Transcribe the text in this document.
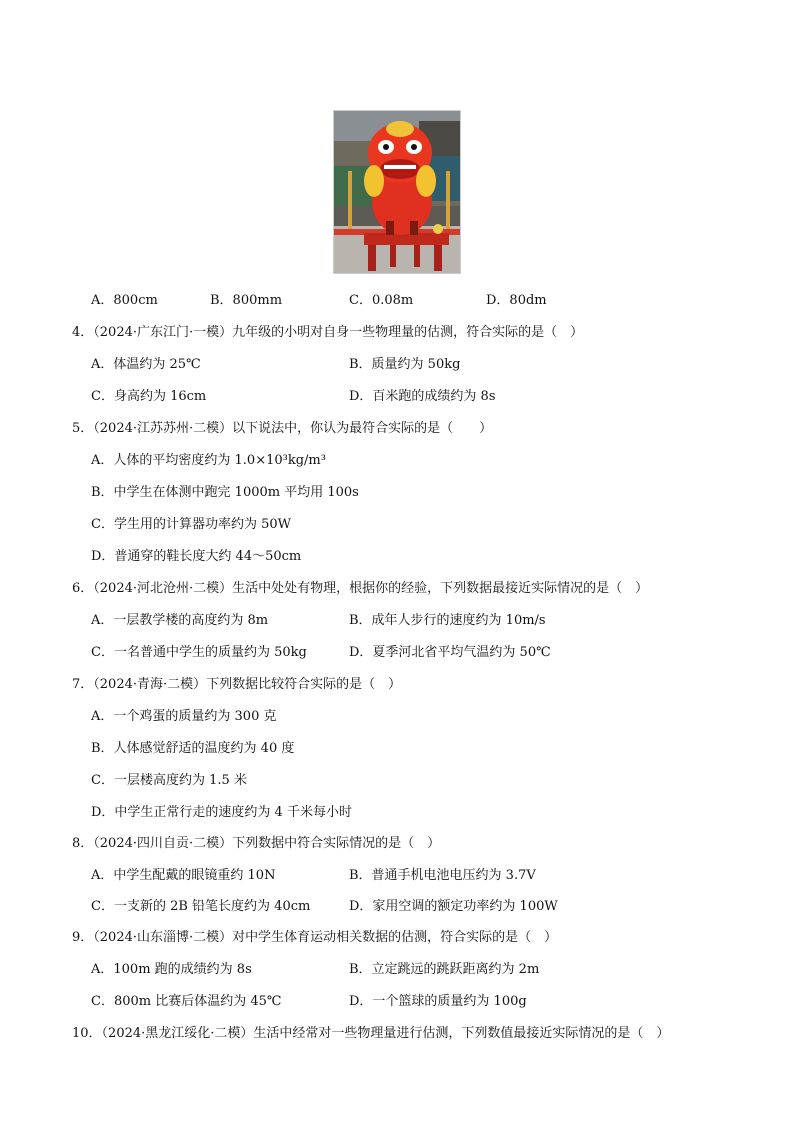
A．800cm	B．800mm	C．0.08m	D．80dm
4．（2024·广东江门·一模）九年级的小明对自身一些物理量的估测，符合实际的是（　）
A．体温约为 25℃	B．质量约为 50kg
C．身高约为 16cm	D．百米跑的成绩约为 8s
5．（2024·江苏苏州·二模）以下说法中，你认为最符合实际的是（　　）
A．人体的平均密度约为 1.0×10³kg/m³
B．中学生在体测中跑完 1000m 平均用 100s
C．学生用的计算器功率约为 50W
D．普通穿的鞋长度大约 44～50cm
6．（2024·河北沧州·二模）生活中处处有物理，根据你的经验，下列数据最接近实际情况的是（　）
A．一层教学楼的高度约为 8m	B．成年人步行的速度约为 10m/s
C．一名普通中学生的质量约为 50kg	D．夏季河北省平均气温约为 50℃
7．（2024·青海·二模）下列数据比较符合实际的是（　）
A．一个鸡蛋的质量约为 300 克
B．人体感觉舒适的温度约为 40 度
C．一层楼高度约为 1.5 米
D．中学生正常行走的速度约为 4 千米每小时
8．（2024·四川自贡·二模）下列数据中符合实际情况的是（　）
A．中学生配戴的眼镜重约 10N	B．普通手机电池电压约为 3.7V
C．一支新的 2B 铅笔长度约为 40cm	D．家用空调的额定功率约为 100W
9．（2024·山东淄博·二模）对中学生体育运动相关数据的估测，符合实际的是（　）
A．100m 跑的成绩约为 8s	B．立定跳远的跳跃距离约为 2m
C．800m 比赛后体温约为 45℃	D．一个篮球的质量约为 100g
10．（2024·黑龙江绥化·二模）生活中经常对一些物理量进行估测，下列数值最接近实际情况的是（　）
